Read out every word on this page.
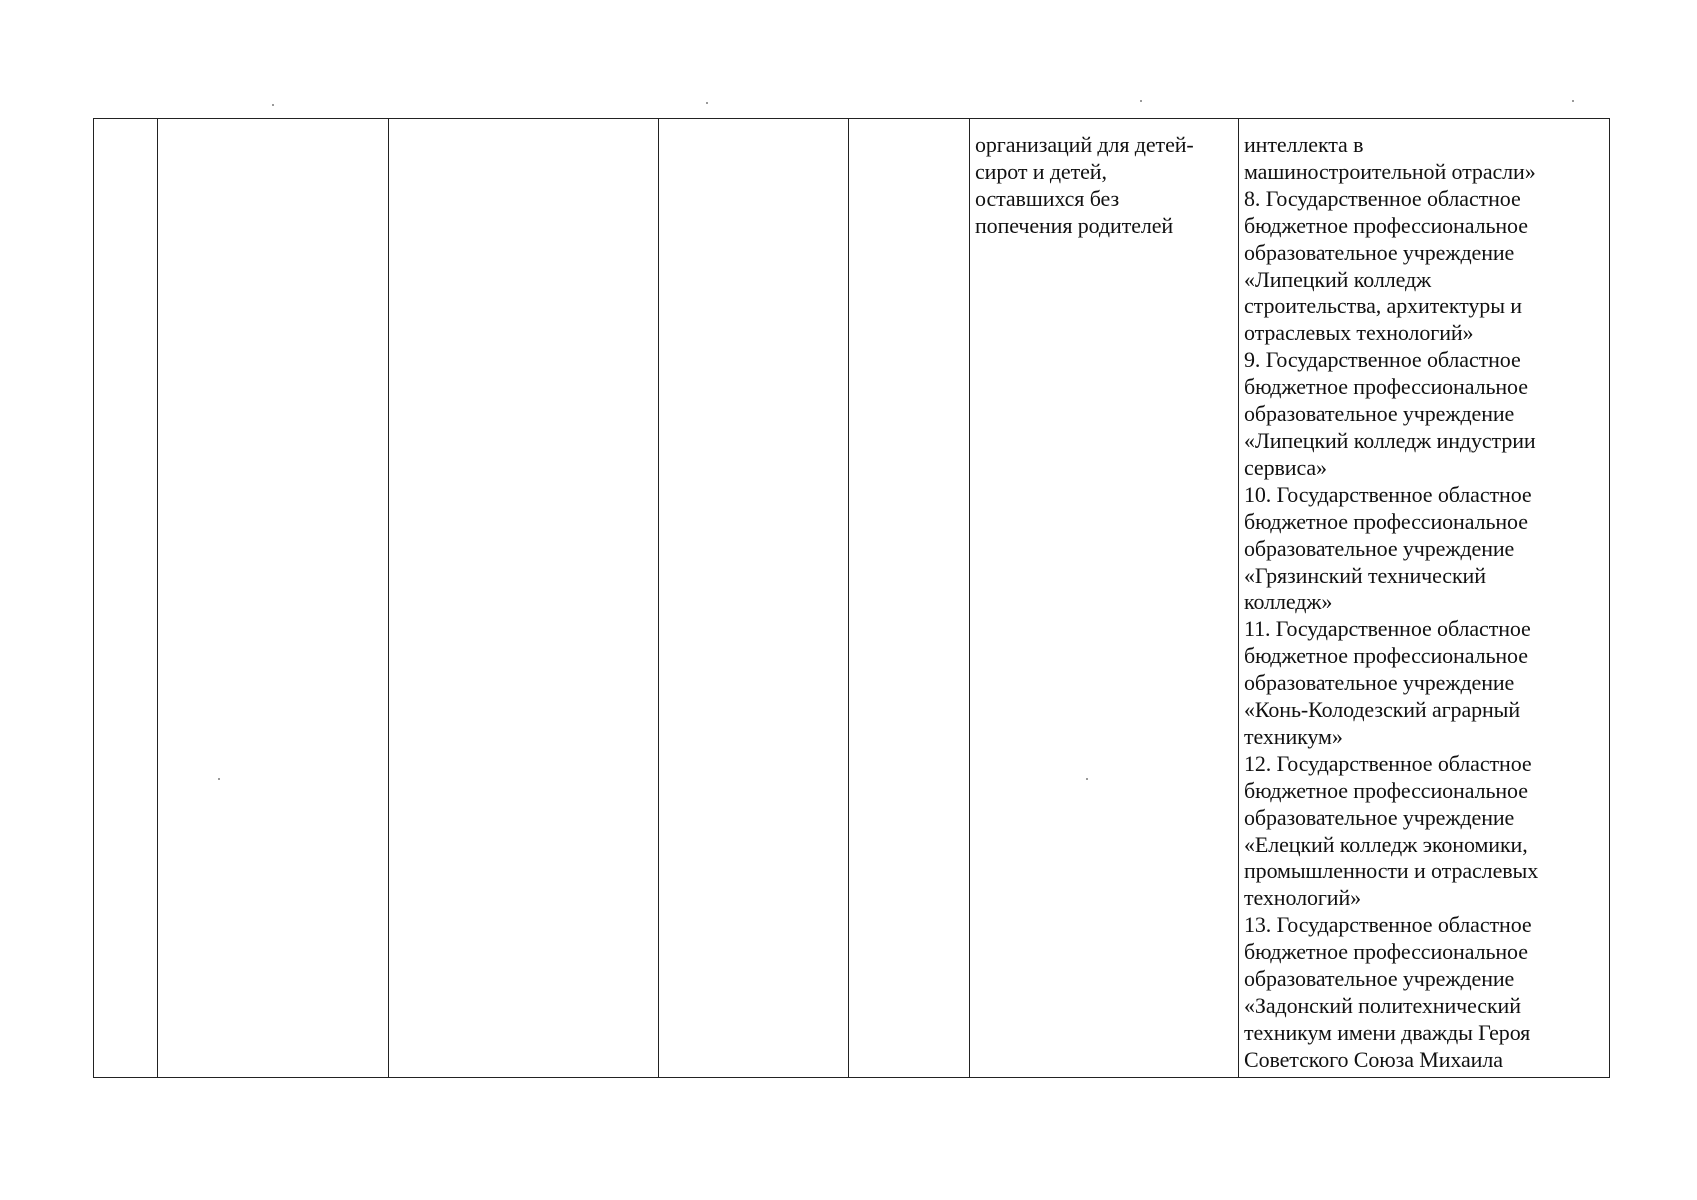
организаций для детей-
сирот и детей,
оставшихся без
попечения родителей

интеллекта в
машиностроительной отрасли»
8. Государственное областное
бюджетное профессиональное
образовательное учреждение
«Липецкий колледж
строительства, архитектуры и
отраслевых технологий»
9. Государственное областное
бюджетное профессиональное
образовательное учреждение
«Липецкий колледж индустрии
сервиса»
10. Государственное областное
бюджетное профессиональное
образовательное учреждение
«Грязинский технический
колледж»
11. Государственное областное
бюджетное профессиональное
образовательное учреждение
«Конь-Колодезский аграрный
техникум»
12. Государственное областное
бюджетное профессиональное
образовательное учреждение
«Елецкий колледж экономики,
промышленности и отраслевых
технологий»
13. Государственное областное
бюджетное профессиональное
образовательное учреждение
«Задонский политехнический
техникум имени дважды Героя
Советского Союза Михаила
